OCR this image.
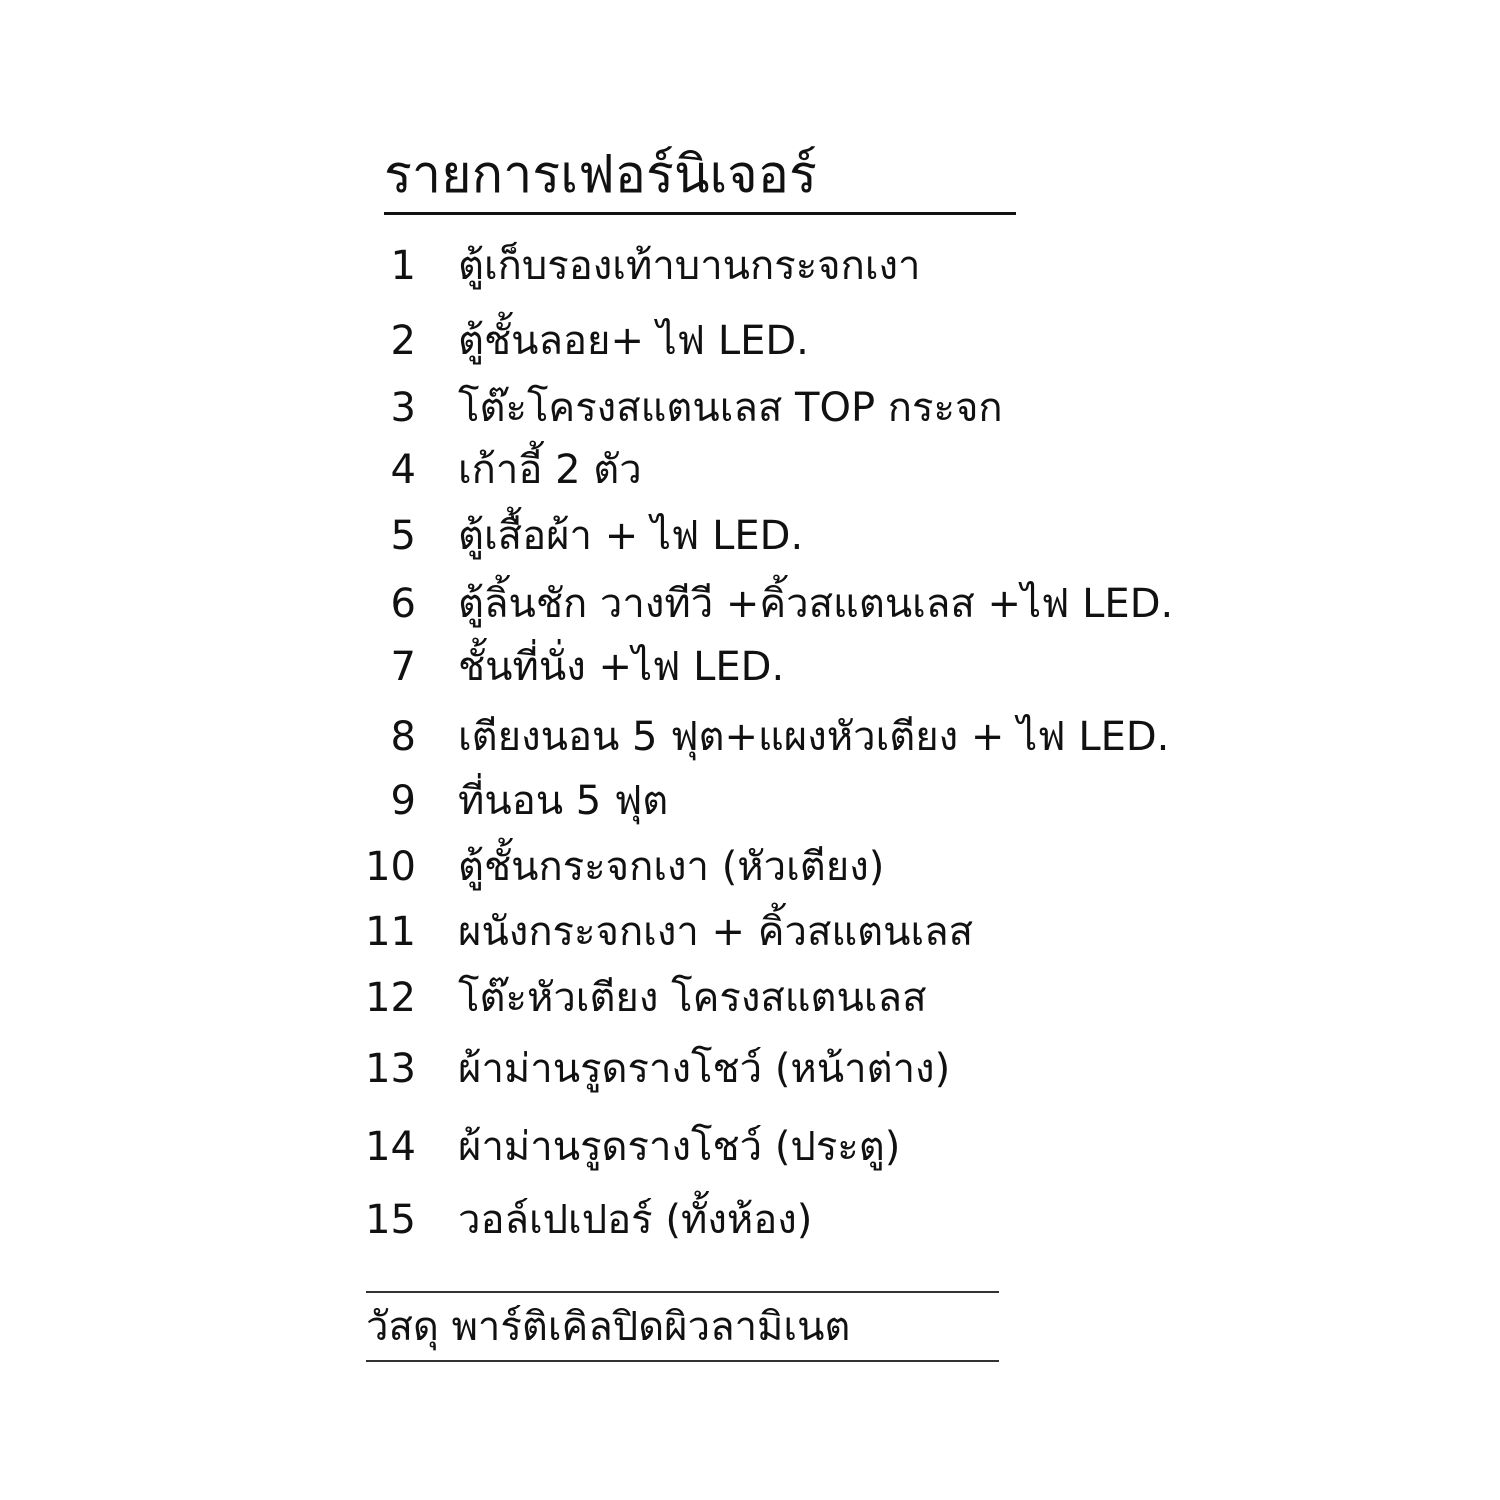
รายการเฟอร์นิเจอร์
1 ตู้เก็บรองเท้าบานกระจกเงา
2 ตู้ชั้นลอย+ ไฟ LED.
3 โต๊ะโครงสแตนเลส TOP กระจก
4 เก้าอี้ 2 ตัว
5 ตู้เสื้อผ้า + ไฟ LED.
6 ตู้ลิ้นชัก วางทีวี +คิ้วสแตนเลส +ไฟ LED.
7 ชั้นที่นั่ง +ไฟ LED.
8 เตียงนอน 5 ฟุต+แผงหัวเตียง + ไฟ LED.
9 ที่นอน 5 ฟุต
10 ตู้ชั้นกระจกเงา (หัวเตียง)
11 ผนังกระจกเงา + คิ้วสแตนเลส
12 โต๊ะหัวเตียง โครงสแตนเลส
13 ผ้าม่านรูดรางโชว์ (หน้าต่าง)
14 ผ้าม่านรูดรางโชว์ (ประตู)
15 วอล์เปเปอร์ (ทั้งห้อง)
วัสดุ พาร์ติเคิลปิดผิวลามิเนต
